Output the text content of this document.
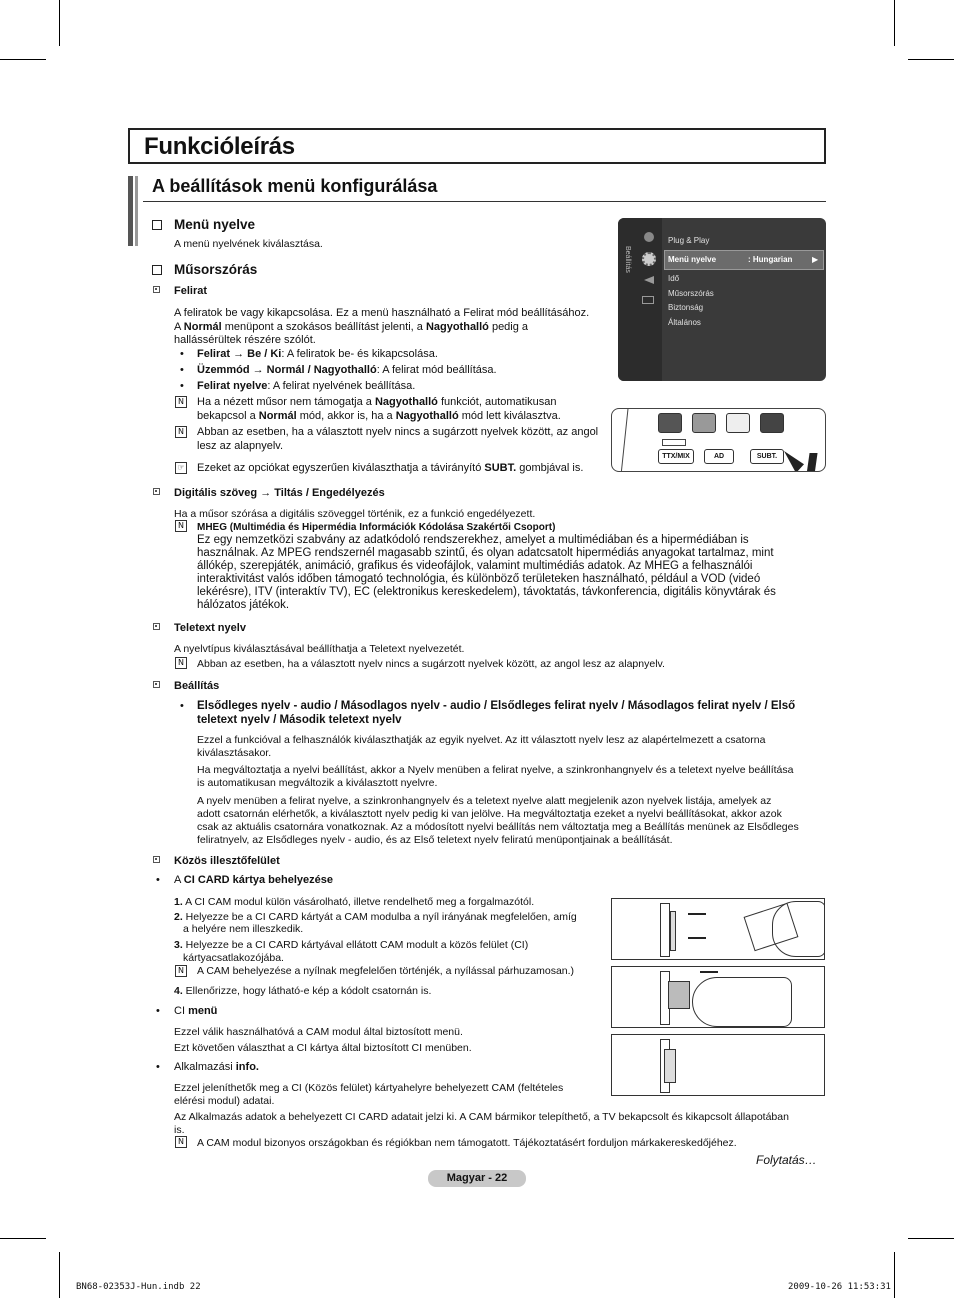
Funkcióleírás
A beállítások menü konfigurálása
Menü nyelve
A menü nyelvének kiválasztása.
Műsorszórás
Felirat
A feliratok be vagy kikapcsolása. Ez a menü használható a Felirat mód beállításához.
A Normál menüpont a szokásos beállítást jelenti, a Nagyothalló pedig a
hallássérültek részére szólót.
• Felirat → Be / Ki: A feliratok be- és kikapcsolása.
• Üzemmód → Normál / Nagyothalló: A felirat mód beállítása.
• Felirat nyelve: A felirat nyelvének beállítása.
N Ha a nézett műsor nem támogatja a Nagyothalló funkciót, automatikusan
bekapcsol a Normál mód, akkor is, ha a Nagyothalló mód lett kiválasztva.
N Abban az esetben, ha a választott nyelv nincs a sugárzott nyelvek között, az angol
lesz az alapnyelv.
☞ Ezeket az opciókat egyszerűen kiválaszthatja a távirányító SUBT. gombjával is.
Beállítás
Plug & Play
Menü nyelve	: Hungarian ▶
Idő
Műsorszórás
Biztonság
Általános
TTX/MIX	AD	SUBT.
Digitális szöveg → Tiltás / Engedélyezés
Ha a műsor szórása a digitális szöveggel történik, ez a funkció engedélyezett.
N	MHEG (Multimédia és Hipermédia Információk Kódolása Szakértői Csoport)
Ez egy nemzetközi szabvány az adatkódoló rendszerekhez, amelyet a multimédiában és a hipermédiában is
használnak. Az MPEG rendszernél magasabb szintű, és olyan adatcsatolt hipermédiás anyagokat tartalmaz, mint
állókép, szerepjáték, animáció, grafikus és videofájlok, valamint multimédiás adatok. Az MHEG a felhasználói
interaktivitást valós időben támogató technológia, és különböző területeken használható, például a VOD (videó
lekérésre), ITV (interaktív TV), EC (elektronikus kereskedelem), távoktatás, távkonferencia, digitális könyvtárak és
hálózatos játékok.
Teletext nyelv
A nyelvtípus kiválasztásával beállíthatja a Teletext nyelvezetét.
N Abban az esetben, ha a választott nyelv nincs a sugárzott nyelvek között, az angol lesz az alapnyelv.
Beállítás
• Elsődleges nyelv - audio / Másodlagos nyelv - audio / Elsődleges felirat nyelv / Másodlagos felirat nyelv / Első
teletext nyelv / Második teletext nyelv
Ezzel a funkcióval a felhasználók kiválaszthatják az egyik nyelvet. Az itt választott nyelv lesz az alapértelmezett a csatorna
kiválasztásakor.
Ha megváltoztatja a nyelvi beállítást, akkor a Nyelv menüben a felirat nyelve, a szinkronhangnyelv és a teletext nyelve beállítása
is automatikusan megváltozik a kiválasztott nyelvre.
A nyelv menüben a felirat nyelve, a szinkronhangnyelv és a teletext nyelve alatt megjelenik azon nyelvek listája, amelyek az
adott csatornán elérhetők, a kiválasztott nyelv pedig ki van jelölve. Ha megváltoztatja ezeket a nyelvi beállításokat, akkor azok
csak az aktuális csatornára vonatkoznak. Az a módosított nyelvi beállítás nem változtatja meg a Beállítás menünek az Elsődleges
feliratnyelv, az Elsődleges nyelv - audio, és az Első teletext nyelv feliratú menüpontjainak a beállítását.
Közös illesztőfelület
• A CI CARD kártya behelyezése
1. A CI CAM modul külön vásárolható, illetve rendelhető meg a forgalmazótól.
2. Helyezze be a CI CARD kártyát a CAM modulba a nyíl irányának megfelelően, amíg
a helyére nem illeszkedik.
3. Helyezze be a CI CARD kártyával ellátott CAM modult a közös felület (CI)
kártyacsatlakozójába.
N A CAM behelyezése a nyílnak megfelelően történjék, a nyílással párhuzamosan.)
4. Ellenőrizze, hogy látható-e kép a kódolt csatornán is.
• CI menü
Ezzel válik használhatóvá a CAM modul által biztosított menü.
Ezt követően választhat a CI kártya által biztosított CI menüben.
• Alkalmazási info.
Ezzel jeleníthetők meg a CI (Közös felület) kártyahelyre behelyezett CAM (feltételes
elérési modul) adatai.
Az Alkalmazás adatok a behelyezett CI CARD adatait jelzi ki. A CAM bármikor telepíthető, a TV bekapcsolt és kikapcsolt állapotában
is.
N A CAM modul bizonyos országokban és régiókban nem támogatott. Tájékoztatásért forduljon márkakereskedőjéhez.
Folytatás…
Magyar - 22
BN68-02353J-Hun.indb 22	2009-10-26 11:53:31
